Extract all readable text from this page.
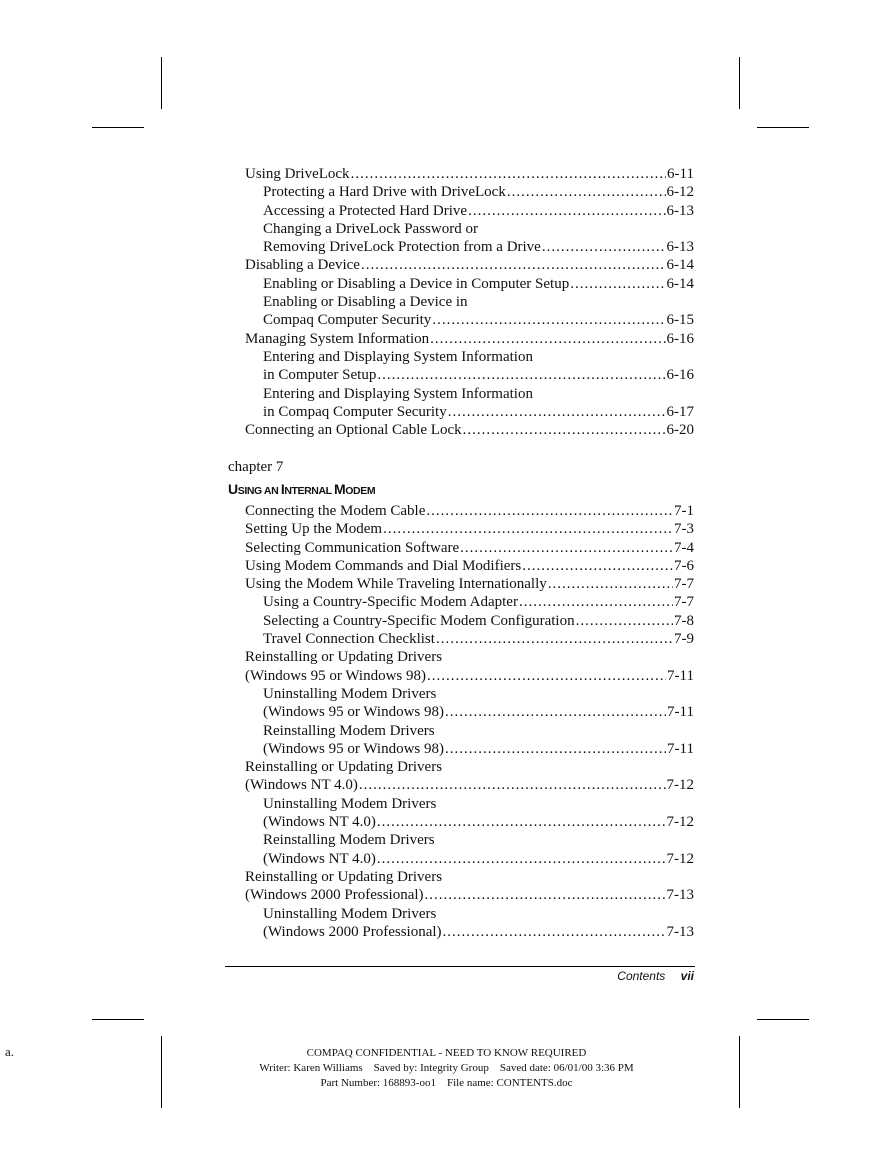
Using DriveLock .....	6-11
Protecting a Hard Drive with DriveLock .....	6-12
Accessing a Protected Hard Drive .....	6-13
Changing a DriveLock Password or
Removing DriveLock Protection from a Drive .....	6-13
Disabling a Device .....	6-14
Enabling or Disabling a Device in Computer Setup .....	6-14
Enabling or Disabling a Device in
Compaq Computer Security .....	6-15
Managing System Information .....	6-16
Entering and Displaying System Information
in Computer Setup .....	6-16
Entering and Displaying System Information
in Compaq Computer Security .....	6-17
Connecting an Optional Cable Lock .....	6-20
chapter 7
USING AN INTERNAL MODEM
Connecting the Modem Cable .....	7-1
Setting Up the Modem .....	7-3
Selecting Communication Software .....	7-4
Using Modem Commands and Dial Modifiers .....	7-6
Using the Modem While Traveling Internationally .....	7-7
Using a Country-Specific Modem Adapter .....	7-7
Selecting a Country-Specific Modem Configuration .....	7-8
Travel Connection Checklist .....	7-9
Reinstalling or Updating Drivers
(Windows 95 or Windows 98) .....	7-11
Uninstalling Modem Drivers
(Windows 95 or Windows 98) .....	7-11
Reinstalling Modem Drivers
(Windows 95 or Windows 98) .....	7-11
Reinstalling or Updating Drivers
(Windows NT 4.0) .....	7-12
Uninstalling Modem Drivers
(Windows NT 4.0) .....	7-12
Reinstalling Modem Drivers
(Windows NT 4.0) .....	7-12
Reinstalling or Updating Drivers
(Windows 2000 Professional) .....	7-13
Uninstalling Modem Drivers
(Windows 2000 Professional) .....	7-13
Contents vii
a.	COMPAQ CONFIDENTIAL - NEED TO KNOW REQUIRED
Writer: Karen Williams    Saved by: Integrity Group    Saved date: 06/01/00 3:36 PM
Part Number: 168893-oo1    File name: CONTENTS.doc
